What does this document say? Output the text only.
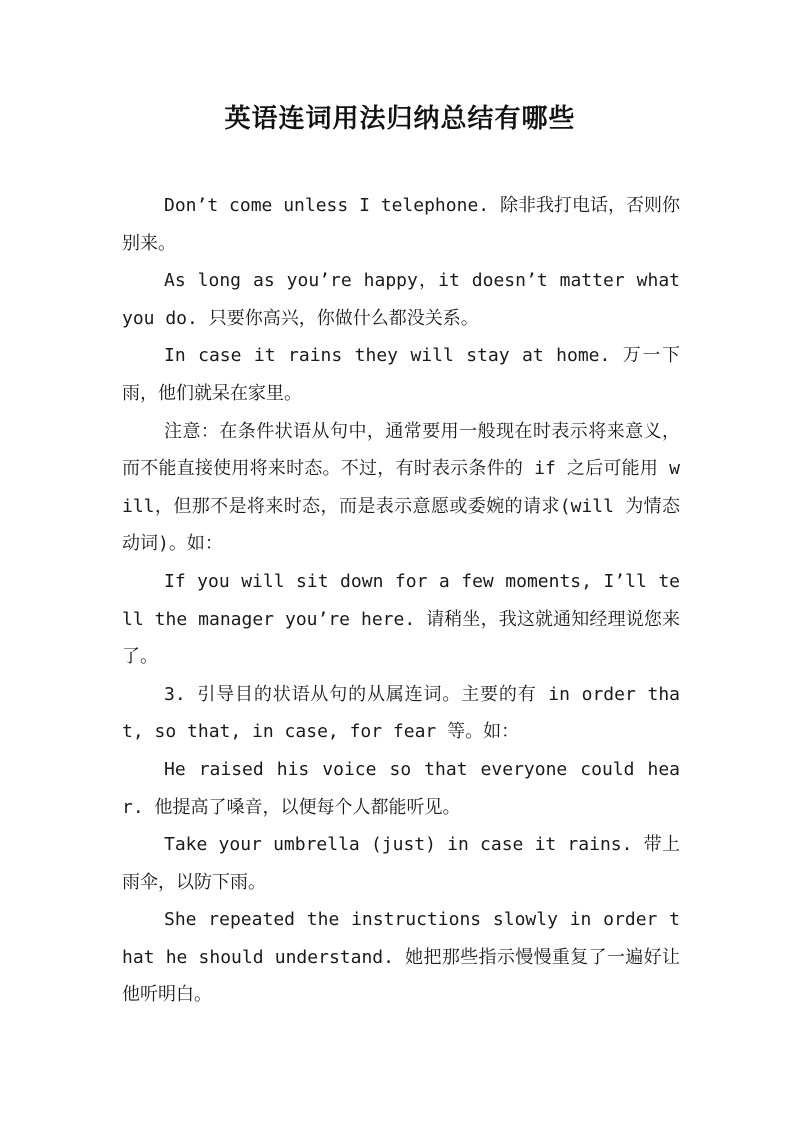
英语连词用法归纳总结有哪些

Don’t come unless I telephone. 除非我打电话，否则你别来。

As long as you’re happy，it doesn’t matter what you do. 只要你高兴，你做什么都没关系。

In case it rains they will stay at home. 万一下雨，他们就呆在家里。

注意：在条件状语从句中，通常要用一般现在时表示将来意义，而不能直接使用将来时态。不过，有时表示条件的 if 之后可能用 will，但那不是将来时态，而是表示意愿或委婉的请求(will 为情态动词)。如：

If you will sit down for a few moments, I’ll tell the manager you’re here. 请稍坐，我这就通知经理说您来了。

3. 引导目的状语从句的从属连词。主要的有 in order that, so that, in case, for fear 等。如：

He raised his voice so that everyone could hear. 他提高了嗓音，以便每个人都能听见。

Take your umbrella (just) in case it rains. 带上雨伞，以防下雨。

She repeated the instructions slowly in order that he should understand. 她把那些指示慢慢重复了一遍好让他听明白。
